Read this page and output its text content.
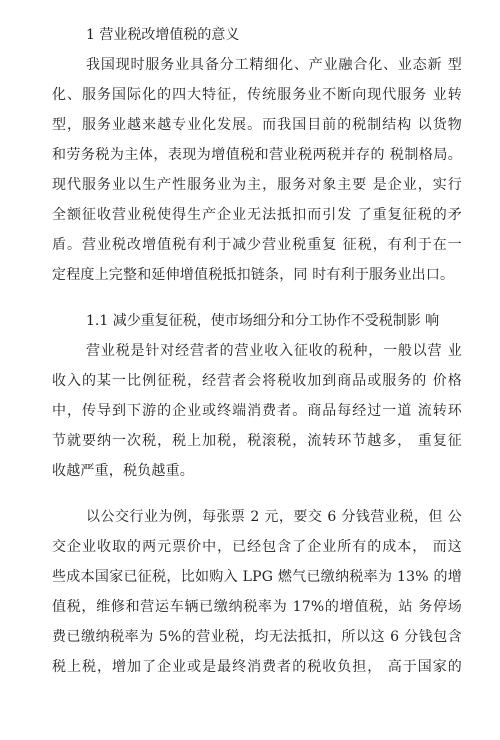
1 营业税改增值税的意义
我国现时服务业具备分工精细化、产业融合化、业态新 型
化、服务国际化的四大特征，传统服务业不断向现代服务 业转
型，服务业越来越专业化发展。而我国目前的税制结构 以货物
和劳务税为主体，表现为增值税和营业税两税并存的 税制格局。
现代服务业以生产性服务业为主，服务对象主要 是企业，实行
全额征收营业税使得生产企业无法抵扣而引发 了重复征税的矛
盾。营业税改增值税有利于减少营业税重复 征税，有利于在一
定程度上完整和延伸增值税抵扣链条，同 时有利于服务业出口。
1.1 减少重复征税，使市场细分和分工协作不受税制影 响
营业税是针对经营者的营业收入征收的税种，一般以营 业
收入的某一比例征税，经营者会将税收加到商品或服务的 价格
中，传导到下游的企业或终端消费者。商品每经过一道 流转环
节就要纳一次税，税上加税，税滚税，流转环节越多， 重复征
收越严重，税负越重。
以公交行业为例，每张票 2 元，要交 6 分钱营业税，但 公
交企业收取的两元票价中，已经包含了企业所有的成本， 而这
些成本国家已征税，比如购入 LPG 燃气已缴纳税率为 13% 的增
值税，维修和营运车辆已缴纳税率为 17%的增值税，站 务停场
费已缴纳税率为 5%的营业税，均无法抵扣，所以这 6 分钱包含
税上税，增加了企业或是最终消费者的税收负担， 高于国家的
